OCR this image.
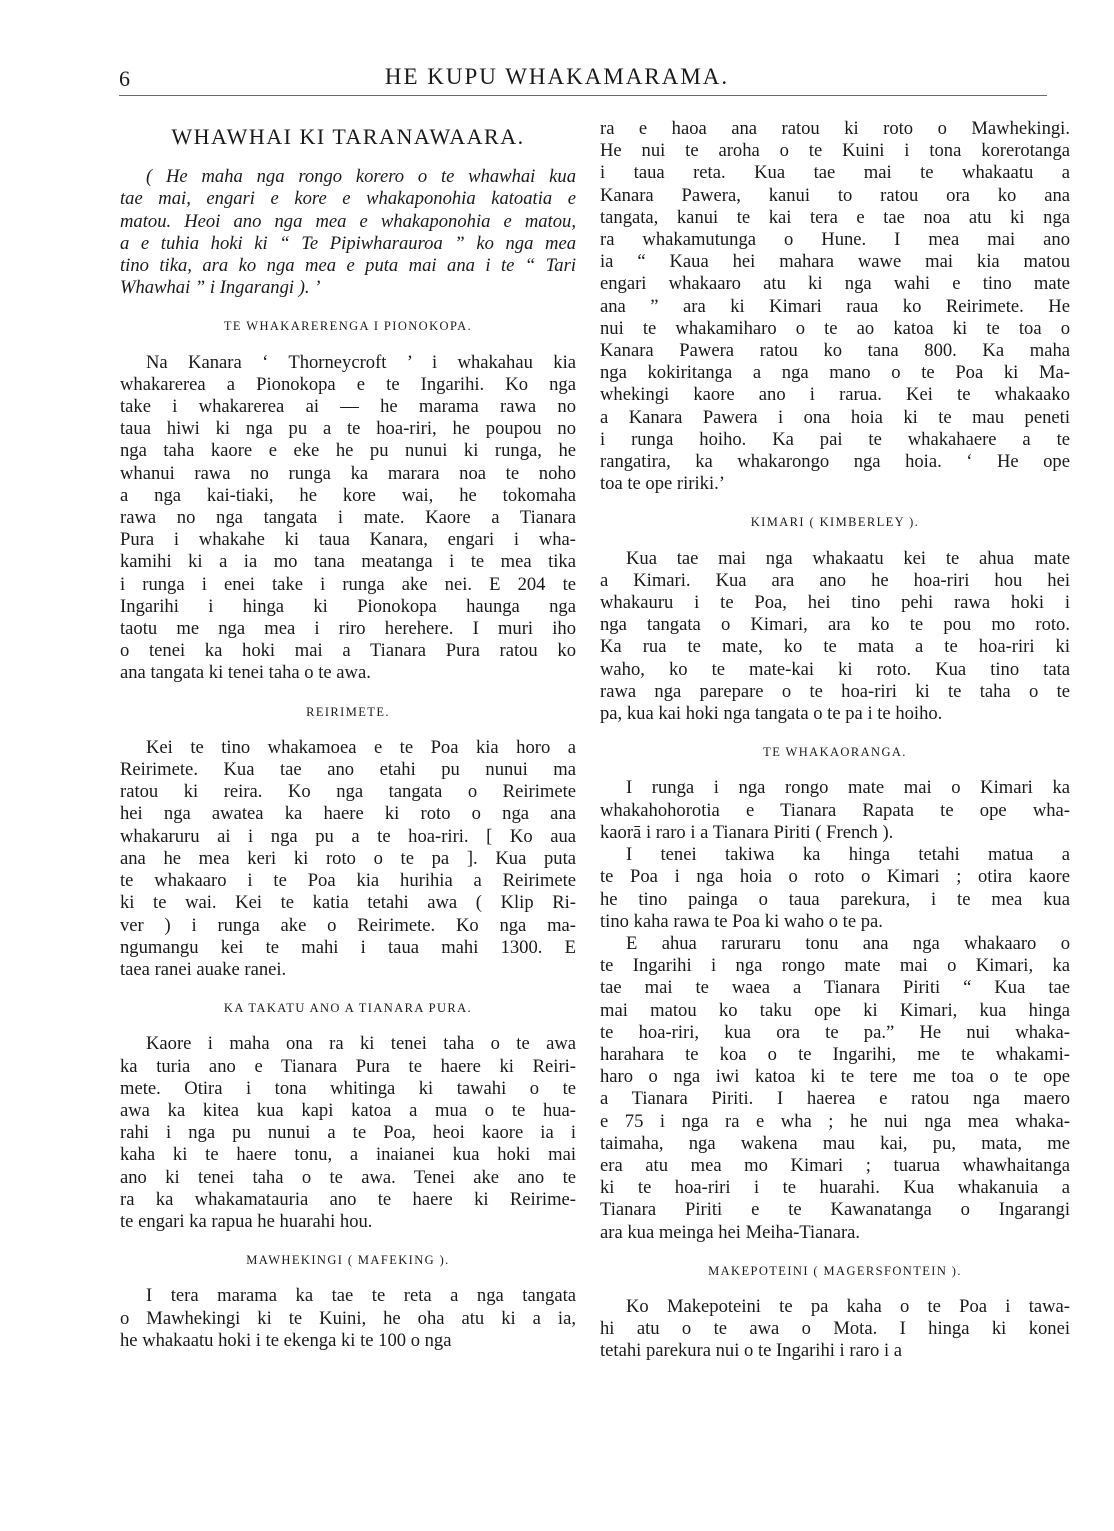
6	HE KUPU WHAKAMARAMA.
WHAWHAI KI TARANAWAARA.
( He maha nga rongo korero o te whawhai kua
tae mai, engari e kore e whakaponohia katoatia e
matou. Heoi ano nga mea e whakaponohia e matou,
a e tuhia hoki ki “ Te Pipiwharauroa ” ko nga mea
tino tika, ara ko nga mea e puta mai ana i te “ Tari
Whawhai ” i Ingarangi ). ʼ
TE WHAKARERENGA I PIONOKOPA.

Na Kanara ‘ Thorneycroft ’ i whakahau kia
whakarerea a Pionokopa e te Ingarihi. Ko nga
take i whakarerea ai — he marama rawa no
taua hiwi ki nga pu a te hoa-riri, he poupou no
nga taha kaore e eke he pu nunui ki runga, he
whanui rawa no runga ka marara noa te noho
a nga kai-tiaki, he kore wai, he tokomaha
rawa no nga tangata i mate. Kaore a Tianara
Pura i whakahe ki taua Kanara, engari i wha-
kamihi ki a ia mo tana meatanga i te mea tika
i runga i enei take i runga ake nei. E 204 te
Ingarihi i hinga ki Pionokopa haunga nga
taotu me nga mea i riro herehere. I muri iho
o tenei ka hoki mai a Tianara Pura ratou ko
ana tangata ki tenei taha o te awa.

REIRIMETE.

Kei te tino whakamoea e te Poa kia horo a
Reirimete. Kua tae ano etahi pu nunui ma
ratou ki reira. Ko nga tangata o Reirimete
hei nga awatea ka haere ki roto o nga ana
whakaruru ai i nga pu a te hoa-riri. [ Ko aua
ana he mea keri ki roto o te pa ]. Kua puta
te whakaaro i te Poa kia hurihia a Reirimete
ki te wai. Kei te katia tetahi awa ( Klip Ri-
ver ) i runga ake o Reirimete. Ko nga ma-
ngumangu kei te mahi i taua mahi 1300. E
taea ranei auake ranei.

KA TAKATU ANO A TIANARA PURA.

Kaore i maha ona ra ki tenei taha o te awa
ka turia ano e Tianara Pura te haere ki Reiri-
mete. Otira i tona whitinga ki tawahi o te
awa ka kitea kua kapi katoa a mua o te hua-
rahi i nga pu nunui a te Poa, heoi kaore ia i
kaha ki te haere tonu, a inaianei kua hoki mai
ano ki tenei taha o te awa. Tenei ake ano te
ra ka whakamatauria ano te haere ki Reirime-
te engari ka rapua he huarahi hou.

MAWHEKINGI ( MAFEKING ).

I tera marama ka tae te reta a nga tangata
o Mawhekingi ki te Kuini, he oha atu ki a ia,
he whakaatu hoki i te ekenga ki te 100 o nga

ra e haoa ana ratou ki roto o Mawhekingi.
He nui te aroha o te Kuini i tona korerotanga
i taua reta. Kua tae mai te whakaatu a
Kanara Pawera, kanui to ratou ora ko ana
tangata, kanui te kai tera e tae noa atu ki nga
ra whakamutunga o Hune. I mea mai ano
ia “ Kaua hei mahara wawe mai kia matou
engari whakaaro atu ki nga wahi e tino mate
ana ” ara ki Kimari raua ko Reirimete. He
nui te whakamiharo o te ao katoa ki te toa o
Kanara Pawera ratou ko tana 800. Ka maha
nga kokiritanga a nga mano o te Poa ki Ma-
whekingi kaore ano i rarua. Kei te whakaako
a Kanara Pawera i ona hoia ki te mau peneti
i runga hoiho. Ka pai te whakahaere a te
rangatira, ka whakarongo nga hoia. ‘ He ope
toa te ope ririki.’

KIMARI ( KIMBERLEY ).

Kua tae mai nga whakaatu kei te ahua mate
a Kimari. Kua ara ano he hoa-riri hou hei
whakauru i te Poa, hei tino pehi rawa hoki i
nga tangata o Kimari, ara ko te pou mo roto.
Ka rua te mate, ko te mata a te hoa-riri ki
waho, ko te mate-kai ki roto. Kua tino tata
rawa nga parepare o te hoa-riri ki te taha o te
pa, kua kai hoki nga tangata o te pa i te hoiho.

TE WHAKAORANGA.

I runga i nga rongo mate mai o Kimari ka
whakahohorotia e Tianara Rapata te ope wha-
kaorā i raro i a Tianara Piriti ( French ).

I tenei takiwa ka hinga tetahi matua a
te Poa i nga hoia o roto o Kimari ; otira kaore
he tino painga o taua parekura, i te mea kua
tino kaha rawa te Poa ki waho o te pa.

E ahua raruraru tonu ana nga whakaaro o
te Ingarihi i nga rongo mate mai o Kimari, ka
tae mai te waea a Tianara Piriti “ Kua tae
mai matou ko taku ope ki Kimari, kua hinga
te hoa-riri, kua ora te pa.” He nui whaka-
harahara te koa o te Ingarihi, me te whakami-
haro o nga iwi katoa ki te tere me toa o te ope
a Tianara Piriti. I haerea e ratou nga maero
e 75 i nga ra e wha ; he nui nga mea whaka-
taimaha, nga wakena mau kai, pu, mata, me
era atu mea mo Kimari ; tuarua whawhaitanga
ki te hoa-riri i te huarahi. Kua whakanuia a
Tianara Piriti e te Kawanatanga o Ingarangi
ara kua meinga hei Meiha-Tianara.

MAKEPOTEINI ( MAGERSFONTEIN ).

Ko Makepoteini te pa kaha o te Poa i tawa-
hi atu o te awa o Mota. I hinga ki konei
tetahi parekura nui o te Ingarihi i raro i a
